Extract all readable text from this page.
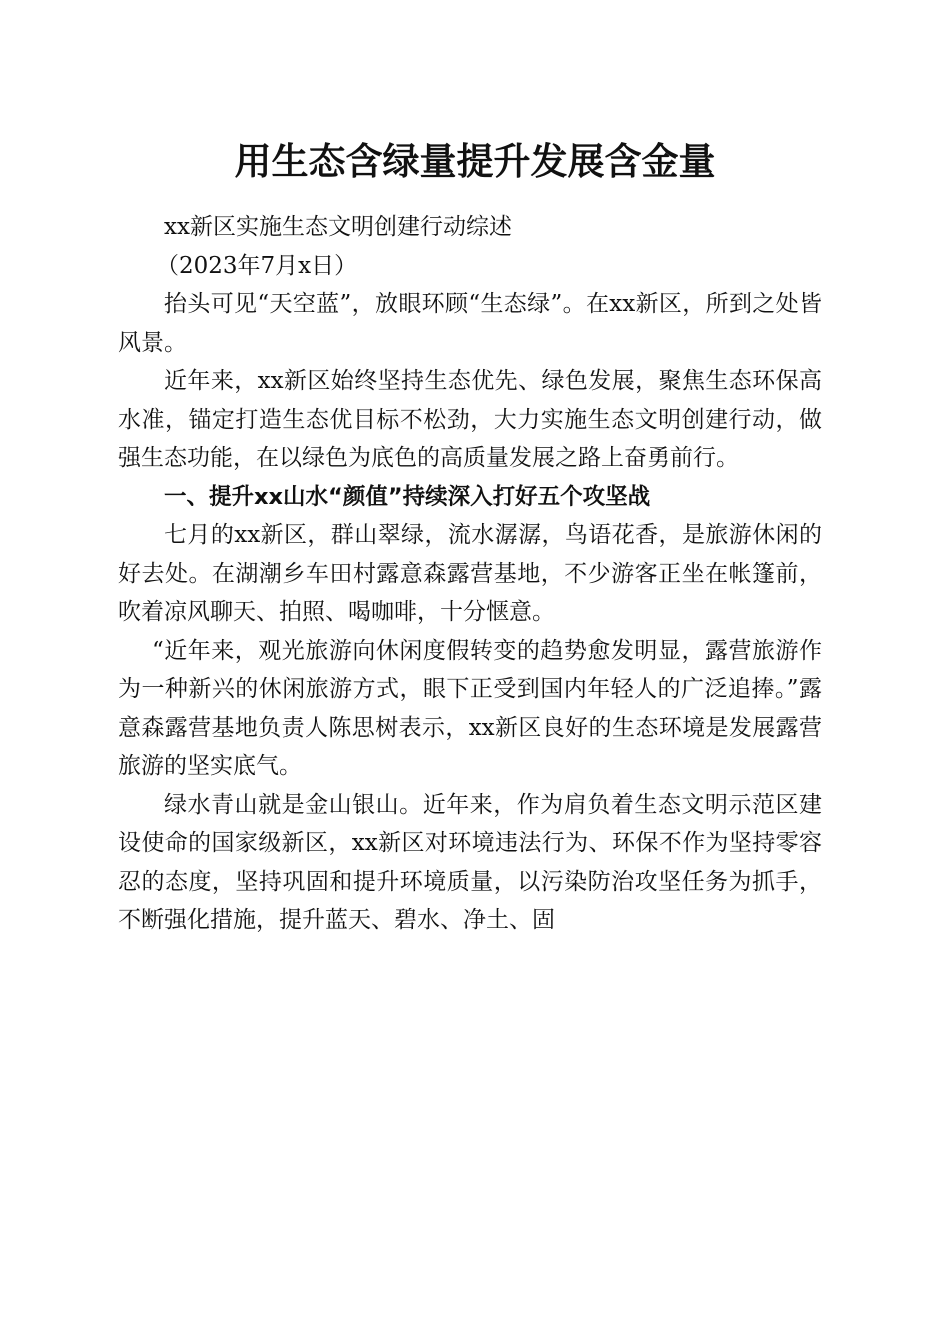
用生态含绿量提升发展含金量

xx新区实施生态文明创建行动综述

（2023年7月x日）

抬头可见“天空蓝”，放眼环顾“生态绿”。在xx新区，所到之处皆风景。

近年来，xx新区始终坚持生态优先、绿色发展，聚焦生态环保高水准，锚定打造生态优目标不松劲，大力实施生态文明创建行动，做强生态功能，在以绿色为底色的高质量发展之路上奋勇前行。

一、提升xx山水“颜值”持续深入打好五个攻坚战

七月的xx新区，群山翠绿，流水潺潺，鸟语花香，是旅游休闲的好去处。在湖潮乡车田村露意森露营基地，不少游客正坐在帐篷前，吹着凉风聊天、拍照、喝咖啡，十分惬意。

“近年来，观光旅游向休闲度假转变的趋势愈发明显，露营旅游作为一种新兴的休闲旅游方式，眼下正受到国内年轻人的广泛追捧。”露意森露营基地负责人陈思树表示，xx新区良好的生态环境是发展露营旅游的坚实底气。

绿水青山就是金山银山。近年来，作为肩负着生态文明示范区建设使命的国家级新区，xx新区对环境违法行为、环保不作为坚持零容忍的态度，坚持巩固和提升环境质量，以污染防治攻坚任务为抓手，不断强化措施，提升蓝天、碧水、净土、固
